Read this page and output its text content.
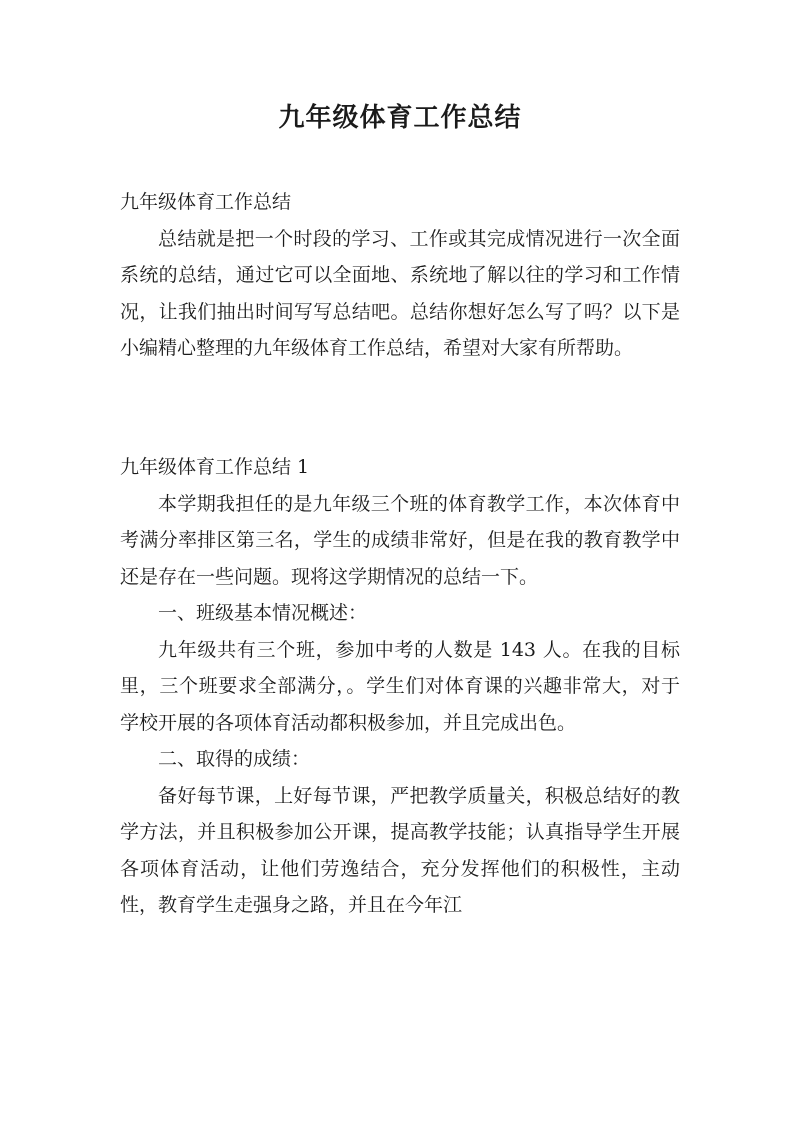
九年级体育工作总结

九年级体育工作总结

总结就是把一个时段的学习、工作或其完成情况进行一次全面系统的总结，通过它可以全面地、系统地了解以往的学习和工作情况，让我们抽出时间写写总结吧。总结你想好怎么写了吗？以下是小编精心整理的九年级体育工作总结，希望对大家有所帮助。

九年级体育工作总结 1

本学期我担任的是九年级三个班的体育教学工作，本次体育中考满分率排区第三名，学生的成绩非常好，但是在我的教育教学中还是存在一些问题。现将这学期情况的总结一下。

一、班级基本情况概述：

九年级共有三个班，参加中考的人数是 143 人。在我的目标里，三个班要求全部满分，。学生们对体育课的兴趣非常大，对于学校开展的各项体育活动都积极参加，并且完成出色。

二、取得的成绩：

备好每节课，上好每节课，严把教学质量关，积极总结好的教学方法，并且积极参加公开课，提高教学技能；认真指导学生开展各项体育活动，让他们劳逸结合，充分发挥他们的积极性，主动性，教育学生走强身之路，并且在今年江
